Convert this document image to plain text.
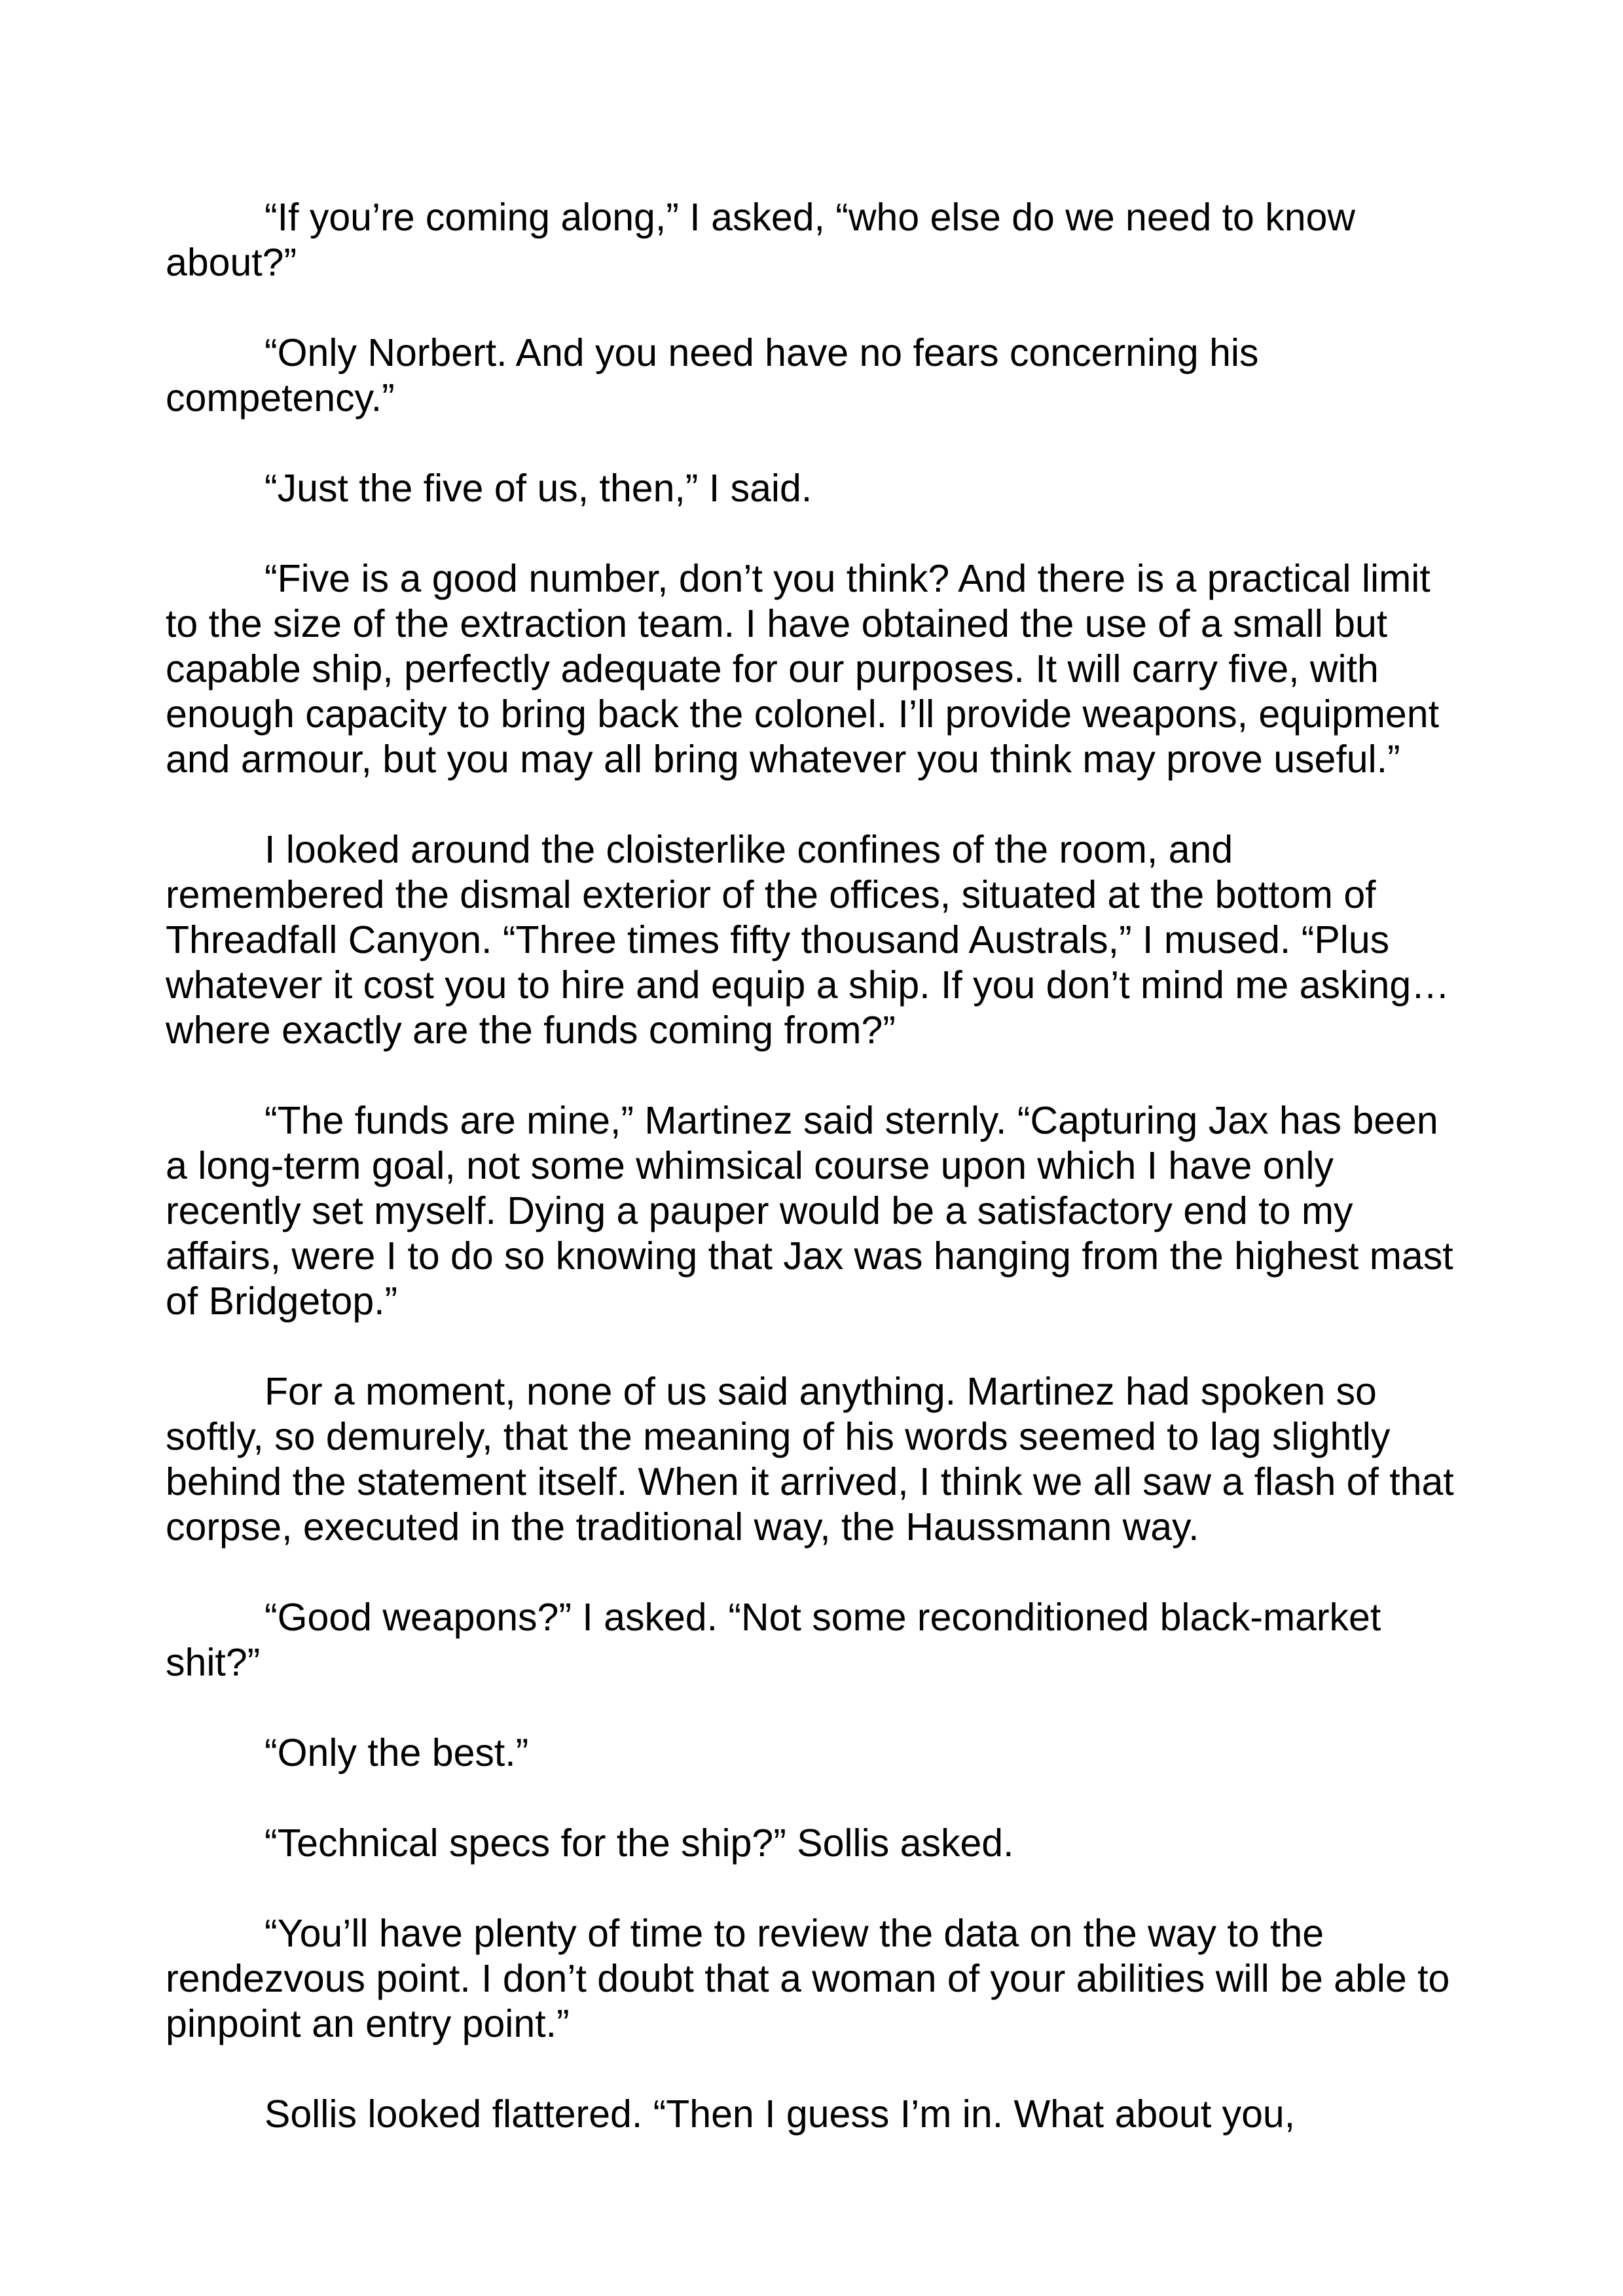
“If you’re coming along,” I asked, “who else do we need to know
about?”

“Only Norbert. And you need have no fears concerning his
competency.”

“Just the five of us, then,” I said.

“Five is a good number, don’t you think? And there is a practical limit
to the size of the extraction team. I have obtained the use of a small but
capable ship, perfectly adequate for our purposes. It will carry five, with
enough capacity to bring back the colonel. I’ll provide weapons, equipment
and armour, but you may all bring whatever you think may prove useful.”

I looked around the cloisterlike confines of the room, and
remembered the dismal exterior of the offices, situated at the bottom of
Threadfall Canyon. “Three times fifty thousand Australs,” I mused. “Plus
whatever it cost you to hire and equip a ship. If you don’t mind me asking…
where exactly are the funds coming from?”

“The funds are mine,” Martinez said sternly. “Capturing Jax has been
a long-term goal, not some whimsical course upon which I have only
recently set myself. Dying a pauper would be a satisfactory end to my
affairs, were I to do so knowing that Jax was hanging from the highest mast
of Bridgetop.”

For a moment, none of us said anything. Martinez had spoken so
softly, so demurely, that the meaning of his words seemed to lag slightly
behind the statement itself. When it arrived, I think we all saw a flash of that
corpse, executed in the traditional way, the Haussmann way.

“Good weapons?” I asked. “Not some reconditioned black-market
shit?”

“Only the best.”

“Technical specs for the ship?” Sollis asked.

“You’ll have plenty of time to review the data on the way to the
rendezvous point. I don’t doubt that a woman of your abilities will be able to
pinpoint an entry point.”

Sollis looked flattered. “Then I guess I’m in. What about you,
